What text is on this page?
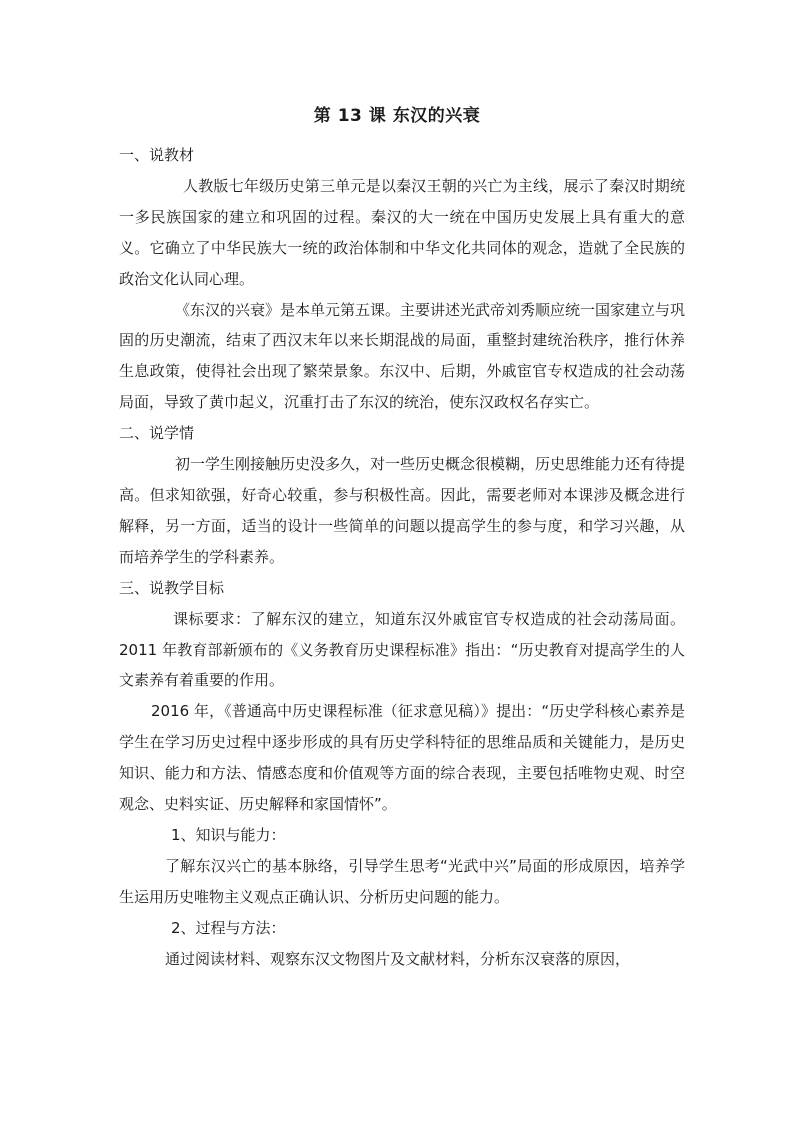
第 13 课 东汉的兴衰

一、说教材

人教版七年级历史第三单元是以秦汉王朝的兴亡为主线，展示了秦汉时期统一多民族国家的建立和巩固的过程。秦汉的大一统在中国历史发展上具有重大的意义。它确立了中华民族大一统的政治体制和中华文化共同体的观念，造就了全民族的政治文化认同心理。

《东汉的兴衰》是本单元第五课。主要讲述光武帝刘秀顺应统一国家建立与巩固的历史潮流，结束了西汉末年以来长期混战的局面，重整封建统治秩序，推行休养生息政策，使得社会出现了繁荣景象。东汉中、后期，外戚宦官专权造成的社会动荡局面，导致了黄巾起义，沉重打击了东汉的统治，使东汉政权名存实亡。

二、说学情

初一学生刚接触历史没多久，对一些历史概念很模糊，历史思维能力还有待提高。但求知欲强，好奇心较重，参与积极性高。因此，需要老师对本课涉及概念进行解释，另一方面，适当的设计一些简单的问题以提高学生的参与度，和学习兴趣，从而培养学生的学科素养。

三、说教学目标

课标要求：了解东汉的建立，知道东汉外戚宦官专权造成的社会动荡局面。2011 年教育部新颁布的《义务教育历史课程标准》指出：“历史教育对提高学生的人文素养有着重要的作用。

2016 年，《普通高中历史课程标准（征求意见稿）》提出：“历史学科核心素养是学生在学习历史过程中逐步形成的具有历史学科特征的思维品质和关键能力，是历史知识、能力和方法、情感态度和价值观等方面的综合表现，主要包括唯物史观、时空观念、史料实证、历史解释和家国情怀”。

1、知识与能力：

了解东汉兴亡的基本脉络，引导学生思考“光武中兴”局面的形成原因，培养学生运用历史唯物主义观点正确认识、分析历史问题的能力。

2、过程与方法：

通过阅读材料、观察东汉文物图片及文献材料，分析东汉衰落的原因，
